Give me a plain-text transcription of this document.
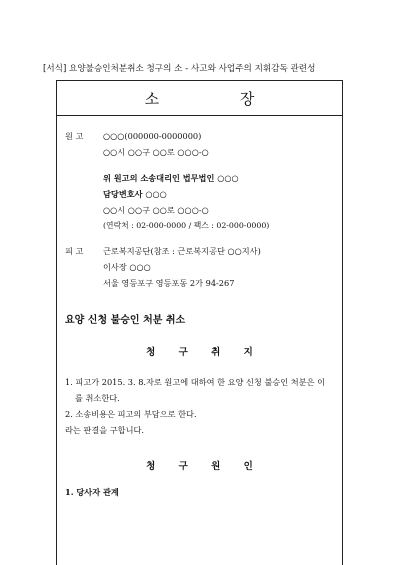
[서식] 요양불승인처분취소 청구의 소 - 사고와 사업주의 지휘감독 관련성
소 장
원 고 ○○○(000000-0000000)
○○시 ○○구 ○○로 ○○○-○
위 원고의 소송대리인 법무법인 ○○○
담당변호사 ○○○
○○시 ○○구 ○○로 ○○○-○
(연락처 : 02-000-0000 / 팩스 : 02-000-0000)
피 고 근로복지공단(참조 : 근로복지공단 ○○지사)
이사장 ○○○
서울 영등포구 영등포동 2가 94-267
요양 신청 불승인 처분 취소
청 구 취 지
1. 피고가 2015. 3. 8.자로 원고에 대하여 한 요양 신청 불승인 처분은 이
를 취소한다.
2. 소송비용은 피고의 부담으로 한다.
라는 판결을 구합니다.
청 구 원 인
1. 당사자 관계
